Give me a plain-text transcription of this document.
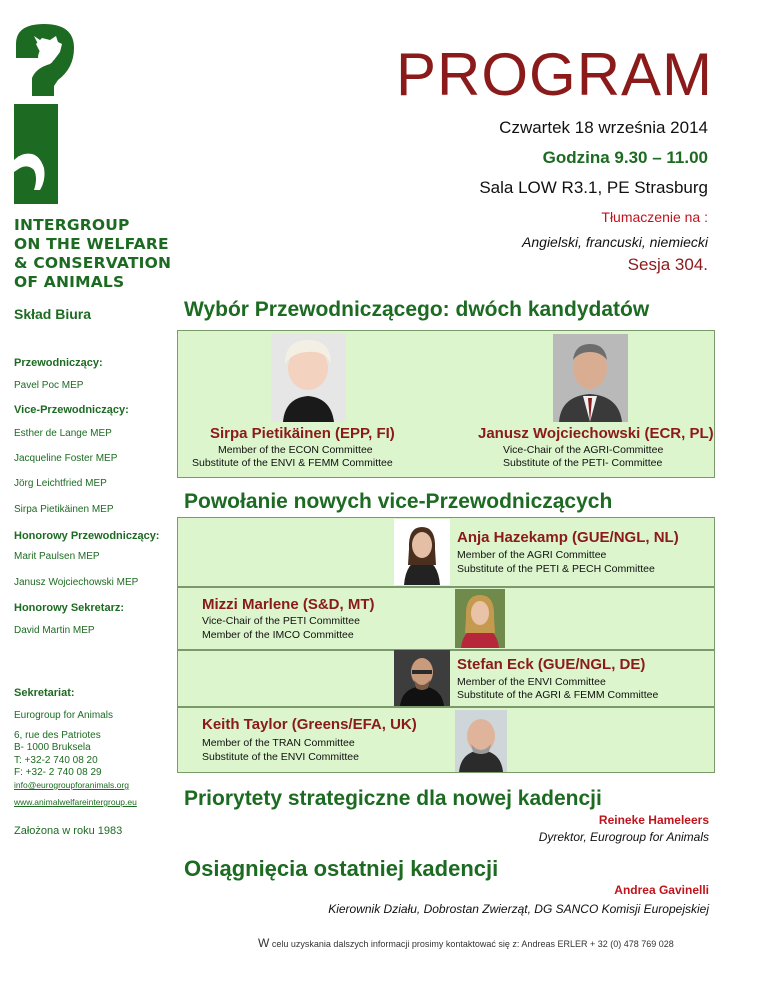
INTERGROUP
ON THE WELFARE
& CONSERVATION
OF ANIMALS
PROGRAM
Czwartek 18 września 2014
Godzina 9.30 – 11.00
Sala LOW R3.1, PE Strasburg
Tłumaczenie na :
Angielski, francuski, niemiecki
Sesja 304.
Skład Biura
Przewodniczący:
Pavel Poc MEP
Vice-Przewodniczący:
Esther de Lange MEP
Jacqueline Foster MEP
Jörg Leichtfried MEP
Sirpa Pietikäinen MEP
Honorowy Przewodniczący:
Marit Paulsen MEP
Janusz Wojciechowski MEP
Honorowy Sekretarz:
David Martin MEP
Sekretariat:
Eurogroup for Animals
6, rue des Patriotes
B- 1000 Bruksela
T: +32-2 740 08 20
F: +32- 2 740 08 29
info@eurogroupforanimals.org
www.animalwelfareintergroup.eu
Założona w roku 1983
Wybór Przewodniczącego: dwóch kandydatów
Sirpa Pietikäinen (EPP, FI)
Member of the ECON Committee
Substitute of the ENVI & FEMM Committee
Janusz Wojciechowski (ECR, PL)
Vice-Chair of the AGRI-Committee
Substitute of the PETI- Committee
Powołanie nowych vice-Przewodniczących
Anja Hazekamp (GUE/NGL, NL)
Member of the AGRI Committee
Substitute of the PETI & PECH Committee
Mizzi Marlene (S&D, MT)
Vice-Chair of the PETI Committee
Member of the IMCO Committee
Stefan Eck (GUE/NGL, DE)
Member of the ENVI Committee
Substitute of the AGRI & FEMM Committee
Keith Taylor (Greens/EFA, UK)
Member of the TRAN Committee
Substitute of the ENVI Committee
Priorytety strategiczne dla nowej kadencji
Reineke Hameleers
Dyrektor, Eurogroup for Animals
Osiągnięcia ostatniej kadencji
Andrea Gavinelli
Kierownik Działu, Dobrostan Zwierząt, DG SANCO Komisji Europejskiej
W celu uzyskania dalszych informacji prosimy kontaktować się z: Andreas ERLER + 32 (0) 478 769 028
